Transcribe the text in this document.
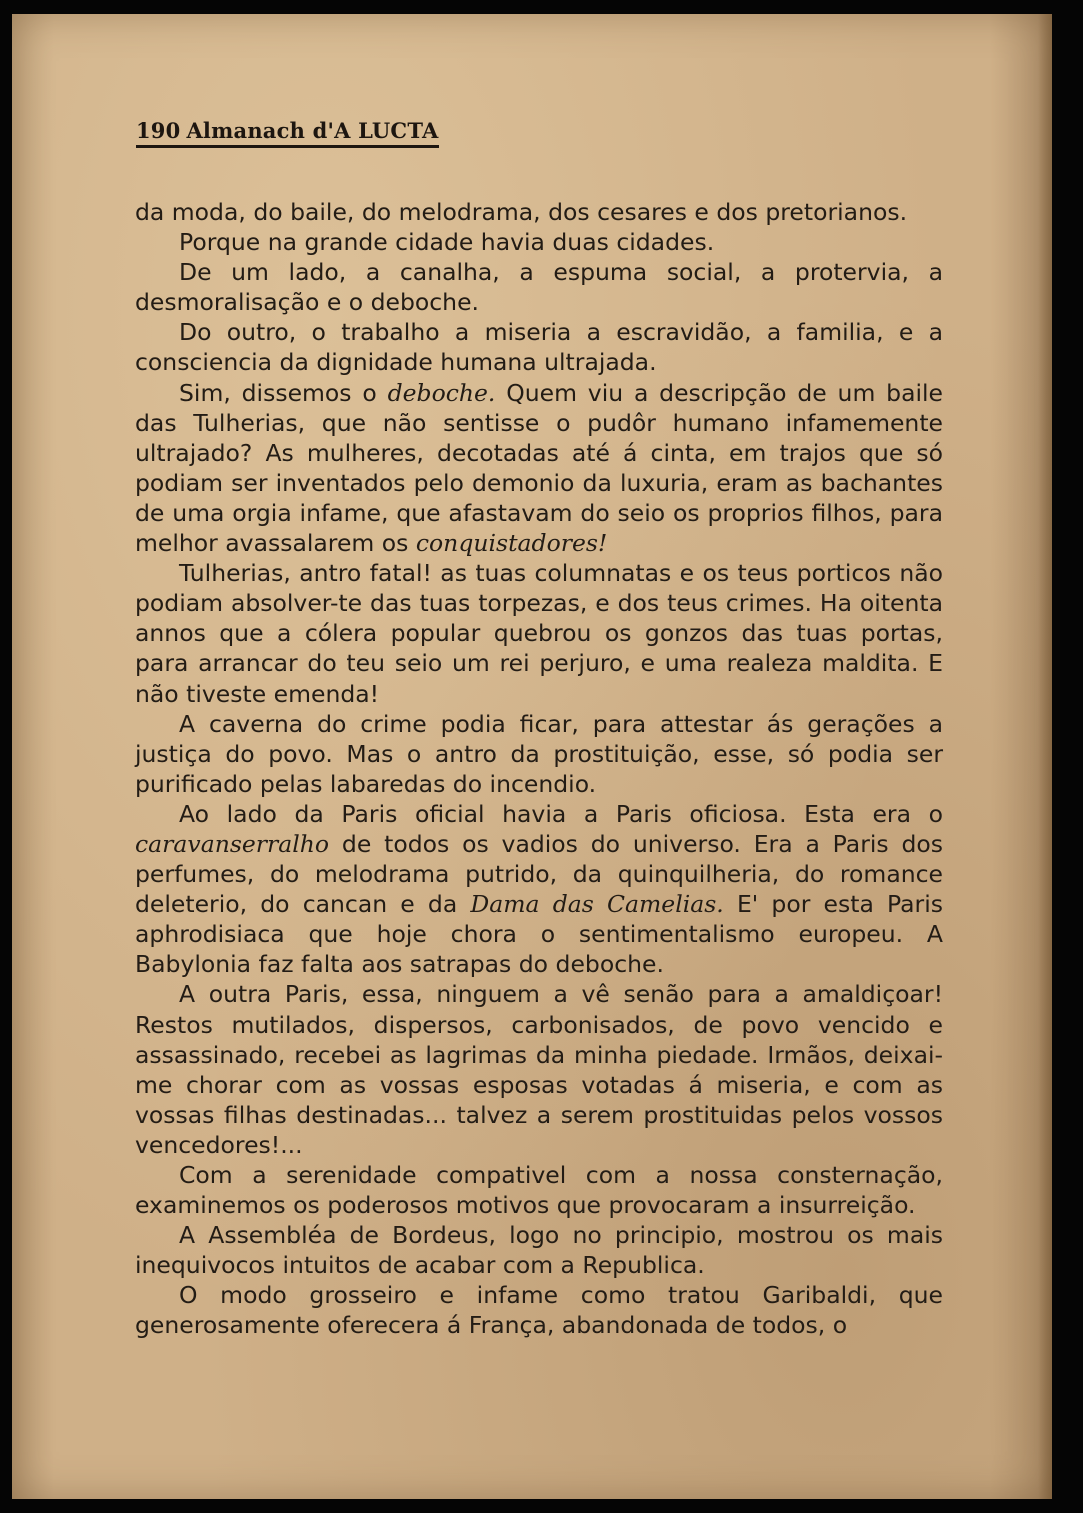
190 Almanach d'A LUCTA

da moda, do baile, do melodrama, dos cesares e dos pretorianos.

Porque na grande cidade havia duas cidades.

De um lado, a canalha, a espuma social, a protervia, a desmoralisação e o deboche.

Do outro, o trabalho a miseria a escravidão, a familia, e a consciencia da dignidade humana ultrajada.

Sim, dissemos o deboche. Quem viu a descripção de um baile das Tulherias, que não sentisse o pudôr humano infamemente ultrajado? As mulheres, decotadas até á cinta, em trajos que só podiam ser inventados pelo demonio da luxuria, eram as bachantes de uma orgia infame, que afastavam do seio os proprios filhos, para melhor avassalarem os conquistadores!

Tulherias, antro fatal! as tuas columnatas e os teus porticos não podiam absolver-te das tuas torpezas, e dos teus crimes. Ha oitenta annos que a cólera popular quebrou os gonzos das tuas portas, para arrancar do teu seio um rei perjuro, e uma realeza maldita. E não tiveste emenda!

A caverna do crime podia ficar, para attestar ás gerações a justiça do povo. Mas o antro da prostituição, esse, só podia ser purificado pelas labaredas do incendio.

Ao lado da Paris oficial havia a Paris oficiosa. Esta era o caravanserralho de todos os vadios do universo. Era a Paris dos perfumes, do melodrama putrido, da quinquilheria, do romance deleterio, do cancan e da Dama das Camelias. E' por esta Paris aphrodisiaca que hoje chora o sentimentalismo europeu. A Babylonia faz falta aos satrapas do deboche.

A outra Paris, essa, ninguem a vê senão para a amaldiçoar! Restos mutilados, dispersos, carbonisados, de povo vencido e assassinado, recebei as lagrimas da minha piedade. Irmãos, deixai-me chorar com as vossas esposas votadas á miseria, e com as vossas filhas destinadas... talvez a serem prostituidas pelos vossos vencedores!...

Com a serenidade compativel com a nossa consternação, examinemos os poderosos motivos que provocaram a insurreição.

A Assembléa de Bordeus, logo no principio, mostrou os mais inequivocos intuitos de acabar com a Republica.

O modo grosseiro e infame como tratou Garibaldi, que generosamente oferecera á França, abandonada de todos, o
